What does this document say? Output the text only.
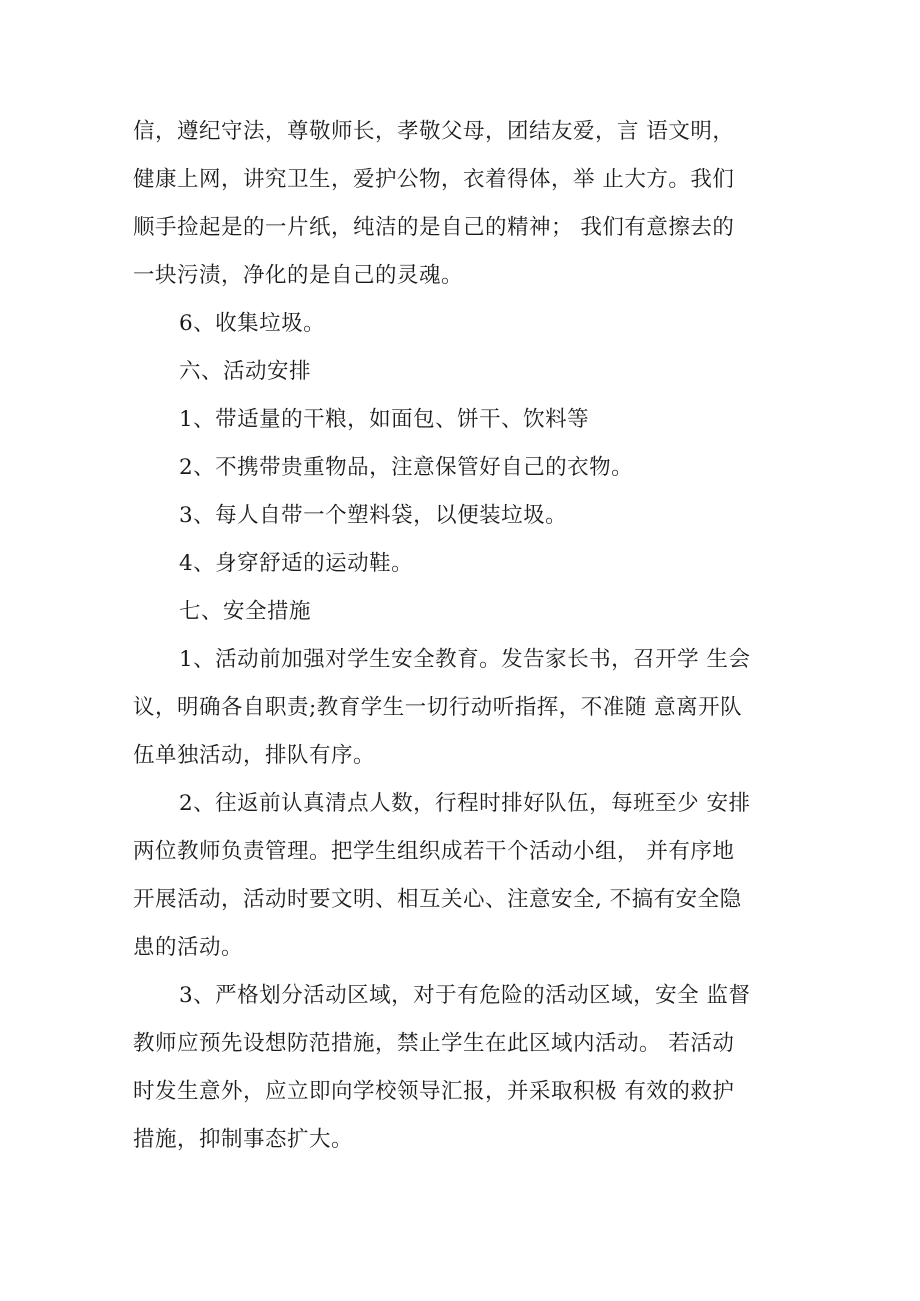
信，遵纪守法，尊敬师长，孝敬父母，团结友爱，言 语文明，
健康上网，讲究卫生，爱护公物，衣着得体，举 止大方。我们
顺手捡起是的一片纸，纯洁的是自己的精神； 我们有意擦去的
一块污渍，净化的是自己的灵魂。
6、收集垃圾。
六、活动安排
1、带适量的干粮，如面包、饼干、饮料等
2、不携带贵重物品，注意保管好自己的衣物。
3、每人自带一个塑料袋，以便装垃圾。
4、身穿舒适的运动鞋。
七、安全措施
1、活动前加强对学生安全教育。发告家长书，召开学 生会
议，明确各自职责;教育学生一切行动听指挥，不准随 意离开队
伍单独活动，排队有序。
2、往返前认真清点人数，行程时排好队伍，每班至少 安排
两位教师负责管理。把学生组织成若干个活动小组， 并有序地
开展活动，活动时要文明、相互关心、注意安全, 不搞有安全隐
患的活动。
3、严格划分活动区域，对于有危险的活动区域，安全 监督
教师应预先设想防范措施，禁止学生在此区域内活动。 若活动
时发生意外，应立即向学校领导汇报，并采取积极 有效的救护
措施，抑制事态扩大。
